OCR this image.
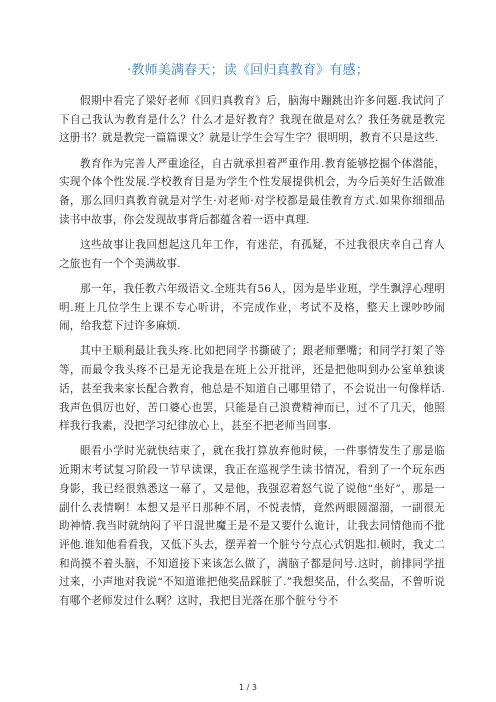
·教师美满春天；读《回归真教育》有感；

假期中看完了梁好老师《回归真教育》后，脑海中蹦跳出许多问题.我试问了下自己我认为教育是什么？什么才是好教育？我现在做是对么？我任务就是教完这册书？就是教完一篇篇课文？就是让学生会写生字？很明明，教育不只是这些.

教育作为完善人严重途径，自古就承担着严重作用.教育能够挖掘个体潜能，实现个体个性发展.学校教育目是为学生个性发展提供机会，为今后美好生活做准备，那么回归真教育就是对学生·对老师·对学校都是最佳教育方式.如果你细细品读书中故事，你会发现故事背后都蕴含着一语中真理.

这些故事让我回想起这几年工作，有迷茫，有孤疑，不过我很庆幸自己育人之旅也有一个个美满故事.

那一年，我任教六年级语文.全班共有56人，因为是毕业班，学生飘浮心理明明.班上几位学生上课不专心听讲，不完成作业，考试不及格，整天上课吵吵闹闹，给我惹下过许多麻烦.

其中王顺利最让我头疼.比如把同学书撕破了；跟老师犟嘴；和同学打架了等等，而最令我头疼不已是无论我是在班上公开批评，还是把他叫到办公室单独谈话，甚至我来家长配合教育，他总是不知道自己哪里错了，不会说出一句像样话.我声色俱厉也好，苦口婆心也罢，只能是自己浪费精神而已，过不了几天，他照样我行我素，没把学习纪律放心上，甚至不把老师当回事.

眼看小学时光就快结束了，就在我打算放弃他时候，一件事情发生了那是临近期末考试复习阶段一节早读课，我正在巡视学生读书情况，看到了一个玩东西身影，我已经很熟悉这一幕了，又是他，我强忍着怒气说了说他“坐好”，那是一副什么表情啊！本想又是平日那种不屑，不悦表情，竟然两眼圆溜溜，一副很无助神情.我当时就纳闷了平日混世魔王是不是又要什么诡计，让我去同情他而不批评他.谁知他看看我，又低下头去，摆弄着一个脏兮兮点心式钥匙扣.顿时，我丈二和尚摸不着头脑，不知道接下来该怎么做了，满脑子都是问号.这时，前排同学扭过来，小声地对我说“不知道谁把他奖品踩脏了.”我想奖品，什么奖品，不曾听说有哪个老师发过什么啊？这时，我把目光落在那个脏兮兮不

1 / 3
